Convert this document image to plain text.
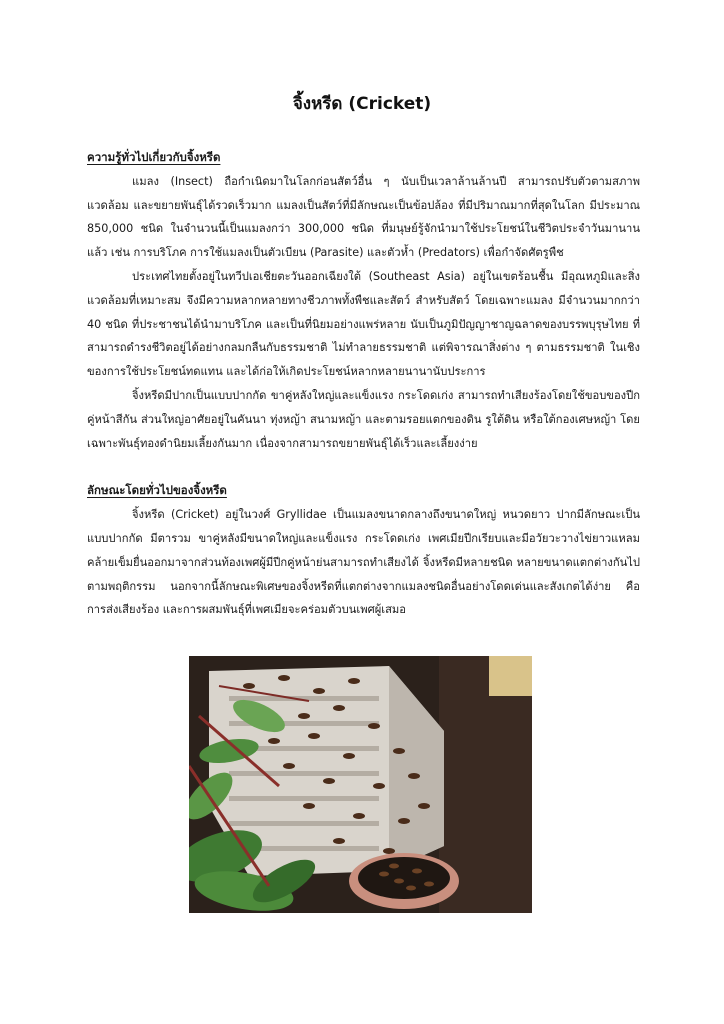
จิ้งหรีด (Cricket)

ความรู้ทั่วไปเกี่ยวกับจิ้งหรีด

แมลง (Insect) ถือกำเนิดมาในโลกก่อนสัตว์อื่น ๆ นับเป็นเวลาล้านล้านปี สามารถปรับตัวตามสภาพแวดล้อม และขยายพันธุ์ได้รวดเร็วมาก แมลงเป็นสัตว์ที่มีลักษณะเป็นข้อปล้อง ที่มีปริมาณมากที่สุดในโลก มีประมาณ 850,000 ชนิด ในจำนวนนี้เป็นแมลงกว่า 300,000 ชนิด ที่มนุษย์รู้จักนำมาใช้ประโยชน์ในชีวิตประจำวันมานานแล้ว เช่น การบริโภค การใช้แมลงเป็นตัวเบียน (Parasite) และตัวห้ำ (Predators) เพื่อกำจัดศัตรูพืช

ประเทศไทยตั้งอยู่ในทวีปเอเชียตะวันออกเฉียงใต้ (Southeast Asia) อยู่ในเขตร้อนชื้น มีอุณหภูมิและสิ่งแวดล้อมที่เหมาะสม จึงมีความหลากหลายทางชีวภาพทั้งพืชและสัตว์ สำหรับสัตว์ โดยเฉพาะแมลง มีจำนวนมากกว่า 40 ชนิด ที่ประชาชนได้นำมาบริโภค และเป็นที่นิยมอย่างแพร่หลาย นับเป็นภูมิปัญญาชาญฉลาดของบรรพบุรุษไทย ที่สามารถดำรงชีวิตอยู่ได้อย่างกลมกลืนกับธรรมชาติ ไม่ทำลายธรรมชาติ แต่พิจารณาสิ่งต่าง ๆ ตามธรรมชาติ ในเชิงของการใช้ประโยชน์ทดแทน และได้ก่อให้เกิดประโยชน์หลากหลายนานานับประการ

จิ้งหรีดมีปากเป็นแบบปากกัด ขาคู่หลังใหญ่และแข็งแรง กระโดดเก่ง สามารถทำเสียงร้องโดยใช้ขอบของปีกคู่หน้าสีกัน ส่วนใหญ่อาศัยอยู่ในคันนา ทุ่งหญ้า สนามหญ้า และตามรอยแตกของดิน รูใต้ดิน หรือใต้กองเศษหญ้า โดยเฉพาะพันธุ์ทองดำนิยมเลี้ยงกันมาก เนื่องจากสามารถขยายพันธุ์ได้เร็วและเลี้ยงง่าย

ลักษณะโดยทั่วไปของจิ้งหรีด

จิ้งหรีด (Cricket) อยู่ในวงศ์ Gryllidae เป็นแมลงขนาดกลางถึงขนาดใหญ่ หนวดยาว ปากมีลักษณะเป็นแบบปากกัด มีตารวม ขาคู่หลังมีขนาดใหญ่และแข็งแรง กระโดดเก่ง เพศเมียปีกเรียบและมีอวัยวะวางไข่ยาวแหลมคล้ายเข็มยื่นออกมาจากส่วนท้องเพศผู้มีปีกคู่หน้าย่นสามารถทำเสียงได้ จิ้งหรีดมีหลายชนิด หลายขนาดแตกต่างกันไปตามพฤติกรรม นอกจากนี้ลักษณะพิเศษของจิ้งหรีดที่แตกต่างจากแมลงชนิดอื่นอย่างโดดเด่นและสังเกตได้ง่าย คือ การส่งเสียงร้อง และการผสมพันธุ์ที่เพศเมียจะคร่อมตัวบนเพศผู้เสมอ
